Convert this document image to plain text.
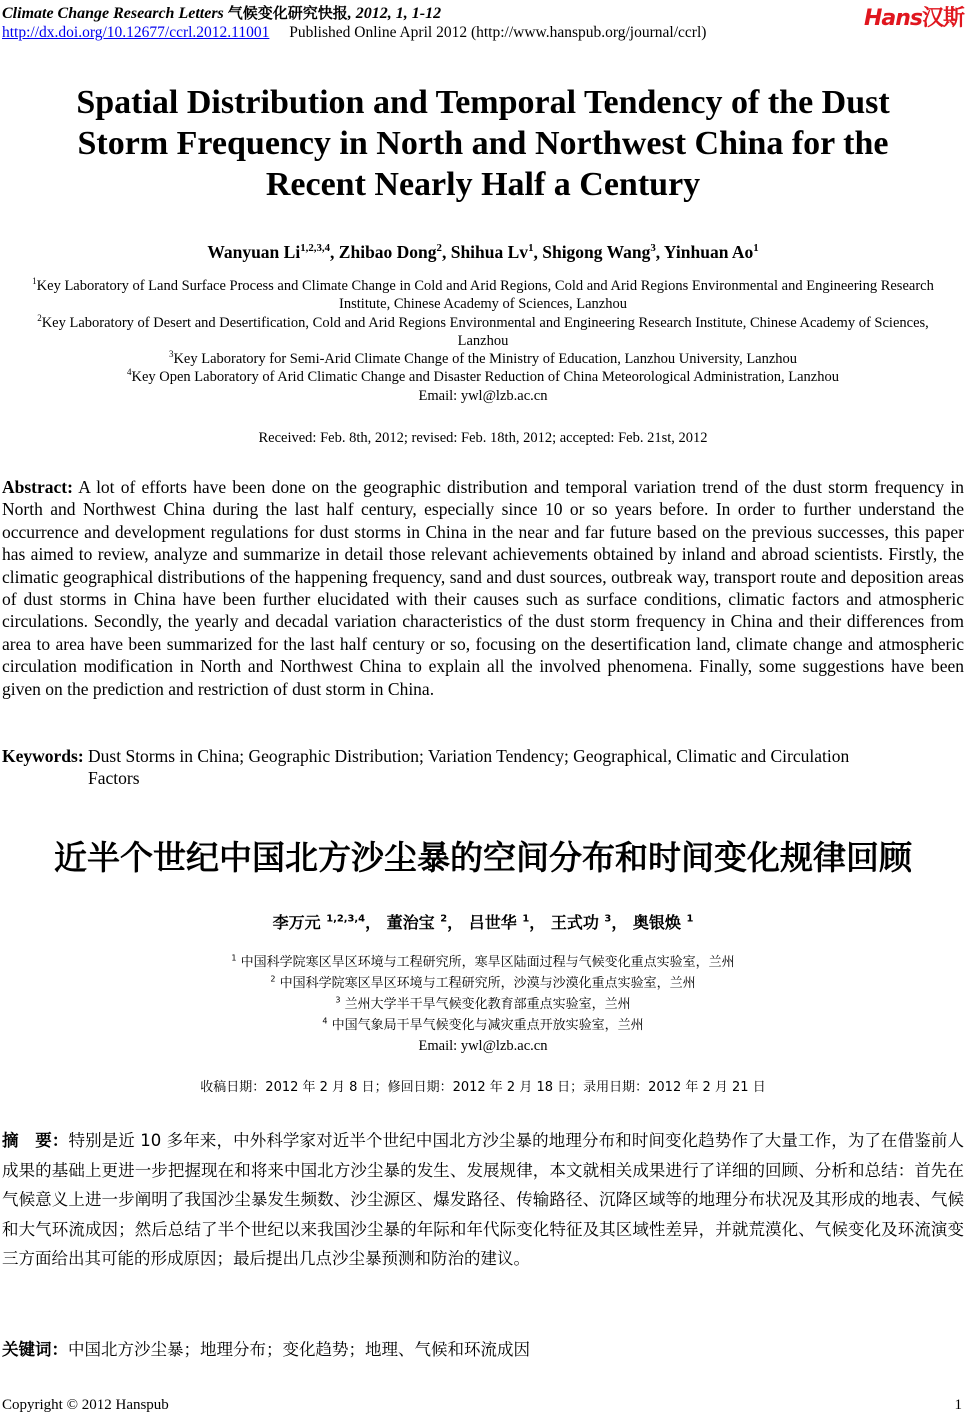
Climate Change Research Letters 气候变化研究快报, 2012, 1, 1-12
http://dx.doi.org/10.12677/ccrl.2012.11001 Published Online April 2012 (http://www.hanspub.org/journal/ccrl)
Hans汉斯
Spatial Distribution and Temporal Tendency of the Dust Storm Frequency in North and Northwest China for the Recent Nearly Half a Century
Wanyuan Li$^{1,2,3,4}$, Zhibao Dong$^2$, Shihua Lv$^1$, Shigong Wang$^3$, Yinhuan Ao$^1$
$^1$Key Laboratory of Land Surface Process and Climate Change in Cold and Arid Regions, Cold and Arid Regions Environmental and Engineering Research Institute, Chinese Academy of Sciences, Lanzhou
$^2$Key Laboratory of Desert and Desertification, Cold and Arid Regions Environmental and Engineering Research Institute, Chinese Academy of Sciences, Lanzhou
$^3$Key Laboratory for Semi-Arid Climate Change of the Ministry of Education, Lanzhou University, Lanzhou
$^4$Key Open Laboratory of Arid Climatic Change and Disaster Reduction of China Meteorological Administration, Lanzhou
Email: ywl@lzb.ac.cn
Received: Feb. 8th, 2012; revised: Feb. 18th, 2012; accepted: Feb. 21st, 2012
Abstract: A lot of efforts have been done on the geographic distribution and temporal variation trend of the dust storm frequency in North and Northwest China during the last half century, especially since 10 or so years before. In order to further understand the occurrence and development regulations for dust storms in China in the near and far future based on the previous successes, this paper has aimed to review, analyze and summarize in detail those relevant achievements obtained by inland and abroad scientists. Firstly, the climatic geographical distributions of the happening frequency, sand and dust sources, outbreak way, transport route and deposition areas of dust storms in China have been further elucidated with their causes such as surface conditions, climatic factors and atmospheric circulations. Secondly, the yearly and decadal variation characteristics of the dust storm frequency in China and their differences from area to area have been summarized for the last half century or so, focusing on the desertification land, climate change and atmospheric circulation modification in North and Northwest China to explain all the involved phenomena. Finally, some suggestions have been given on the prediction and restriction of dust storm in China.
Keywords: Dust Storms in China; Geographic Distribution; Variation Tendency; Geographical, Climatic and Circulation Factors
近半个世纪中国北方沙尘暴的空间分布和时间变化规律回顾
李万元 $^{1,2,3,4}$， 董治宝 $^2$， 吕世华 $^1$， 王式功 $^3$， 奥银焕 $^1$
$^1$ 中国科学院寒区旱区环境与工程研究所，寒旱区陆面过程与气候变化重点实验室，兰州
$^2$ 中国科学院寒区旱区环境与工程研究所，沙漠与沙漠化重点实验室，兰州
$^3$ 兰州大学半干旱气候变化教育部重点实验室，兰州
$^4$ 中国气象局干旱气候变化与减灾重点开放实验室，兰州
Email: ywl@lzb.ac.cn
收稿日期：2012 年 2 月 8 日；修回日期：2012 年 2 月 18 日；录用日期：2012 年 2 月 21 日
摘　要：特别是近 10 多年来，中外科学家对近半个世纪中国北方沙尘暴的地理分布和时间变化趋势作了大量工作，为了在借鉴前人成果的基础上更进一步把握现在和将来中国北方沙尘暴的发生、发展规律，本文就相关成果进行了详细的回顾、分析和总结：首先在气候意义上进一步阐明了我国沙尘暴发生频数、沙尘源区、爆发路径、传输路径、沉降区域等的地理分布状况及其形成的地表、气候和大气环流成因；然后总结了半个世纪以来我国沙尘暴的年际和年代际变化特征及其区域性差异，并就荒漠化、气候变化及环流演变三方面给出其可能的形成原因；最后提出几点沙尘暴预测和防治的建议。
关键词：中国北方沙尘暴；地理分布；变化趋势；地理、气候和环流成因
Copyright © 2012 Hanspub	1
